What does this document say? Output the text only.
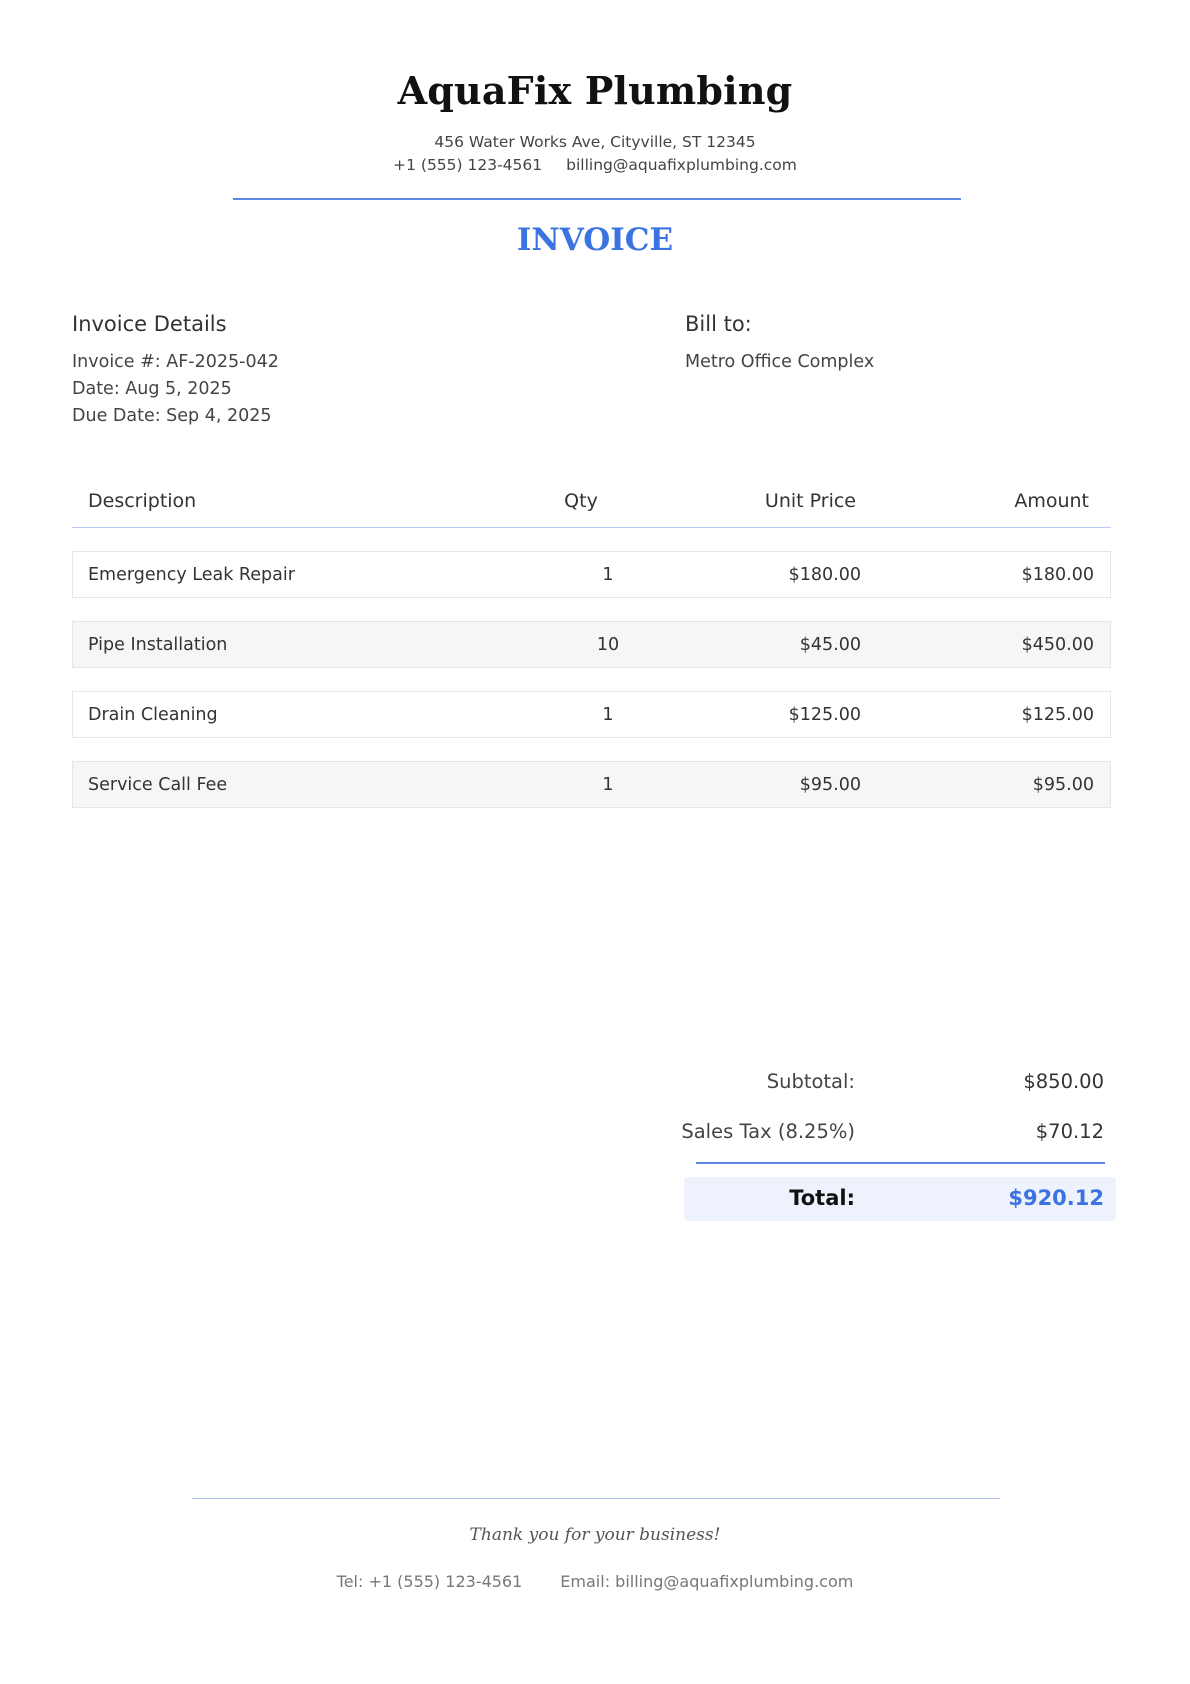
AquaFix Plumbing
456 Water Works Ave, Cityville, ST 12345
+1 (555) 123-4561 billing@aquafixplumbing.com
INVOICE
Invoice Details
Invoice #: AF-2025-042
Date: Aug 5, 2025
Due Date: Sep 4, 2025
Bill to:
Metro Office Complex
Description	Qty	Unit Price	Amount
Emergency Leak Repair	1	$180.00	$180.00
Pipe Installation	10	$45.00	$450.00
Drain Cleaning	1	$125.00	$125.00
Service Call Fee	1	$95.00	$95.00
Subtotal:	$850.00
Sales Tax (8.25%)	$70.12
Total:	$920.12
Thank you for your business!
Tel: +1 (555) 123-4561 Email: billing@aquafixplumbing.com
